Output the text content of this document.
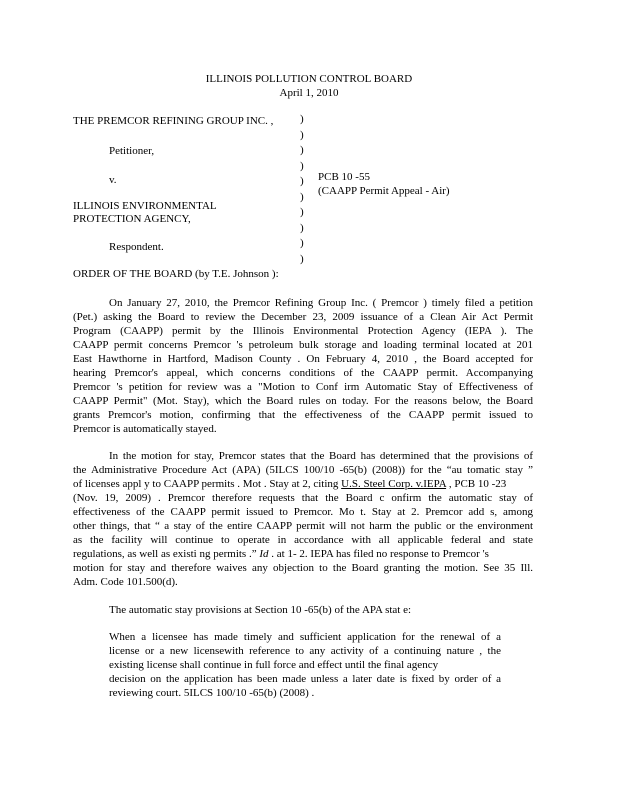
ILLINOIS POLLUTION CONTROL BOARD
April 1, 2010
THE PREMCOR REFINING GROUP INC. ,
Petitioner,
v.
ILLINOIS ENVIRONMENTAL
PROTECTION AGENCY,
Respondent.
PCB 10 -55
(CAAPP Permit Appeal - Air)
)
)
)
)
)
)
)
)
)
)
ORDER OF THE BOARD (by T.E. Johnson ):
On January 27, 2010, the Premcor Refining Group Inc. ( Premcor ) timely filed a petition
(Pet.) asking the Board to review the December 23, 2009 issuance of a Clean Air Act Permit
Program (CAAPP) permit by the Illinois Environmental Protection Agency (IEPA ). The
CAAPP permit concerns Premcor 's petroleum bulk storage and loading terminal located at 201
East Hawthorne in Hartford, Madison County . On February 4, 2010 , the Board accepted for
hearing Premcor's appeal, which concerns conditions of the CAAPP permit. Accompanying
Premcor 's petition for review was a "Motion to Conf irm Automatic Stay of Effectiveness of
CAAPP Permit" (Mot. Stay), which the Board rules on today. For the reasons below, the Board
grants Premcor's motion, confirming that the effectiveness of the CAAPP permit issued to
Premcor is automatically stayed.
In the motion for stay, Premcor states that the Board has determined that the provisions of
the Administrative Procedure Act (APA) (5ILCS 100/10 -65(b) (2008)) for the “au tomatic stay ”
of licenses appl y to CAAPP permits . Mot . Stay at 2, citing U.S. Steel Corp. v.IEPA , PCB 10 -23
(Nov. 19, 2009) . Premcor therefore requests that the Board c onfirm the automatic stay of
effectiveness of the CAAPP permit issued to Premcor. Mo t. Stay at 2. Premcor add s, among
other things, that “ a stay of the entire CAAPP permit will not harm the public or the environment
as the facility will continue to operate in accordance with all applicable federal and state
regulations, as well as existi ng permits .” Id . at 1- 2. IEPA has filed no response to Premcor 's
motion for stay and therefore waives any objection to the Board granting the motion. See 35 Ill.
Adm. Code 101.500(d).
The automatic stay provisions at Section 10 -65(b) of the APA stat e:
When a licensee has made timely and sufficient application for the renewal of a
license or a new licensewith reference to any activity of a continuing nature , the
existing license shall continue in full force and effect until the final agency
decision on the application has been made unless a later date is fixed by order of a
reviewing court. 5ILCS 100/10 -65(b) (2008) .
